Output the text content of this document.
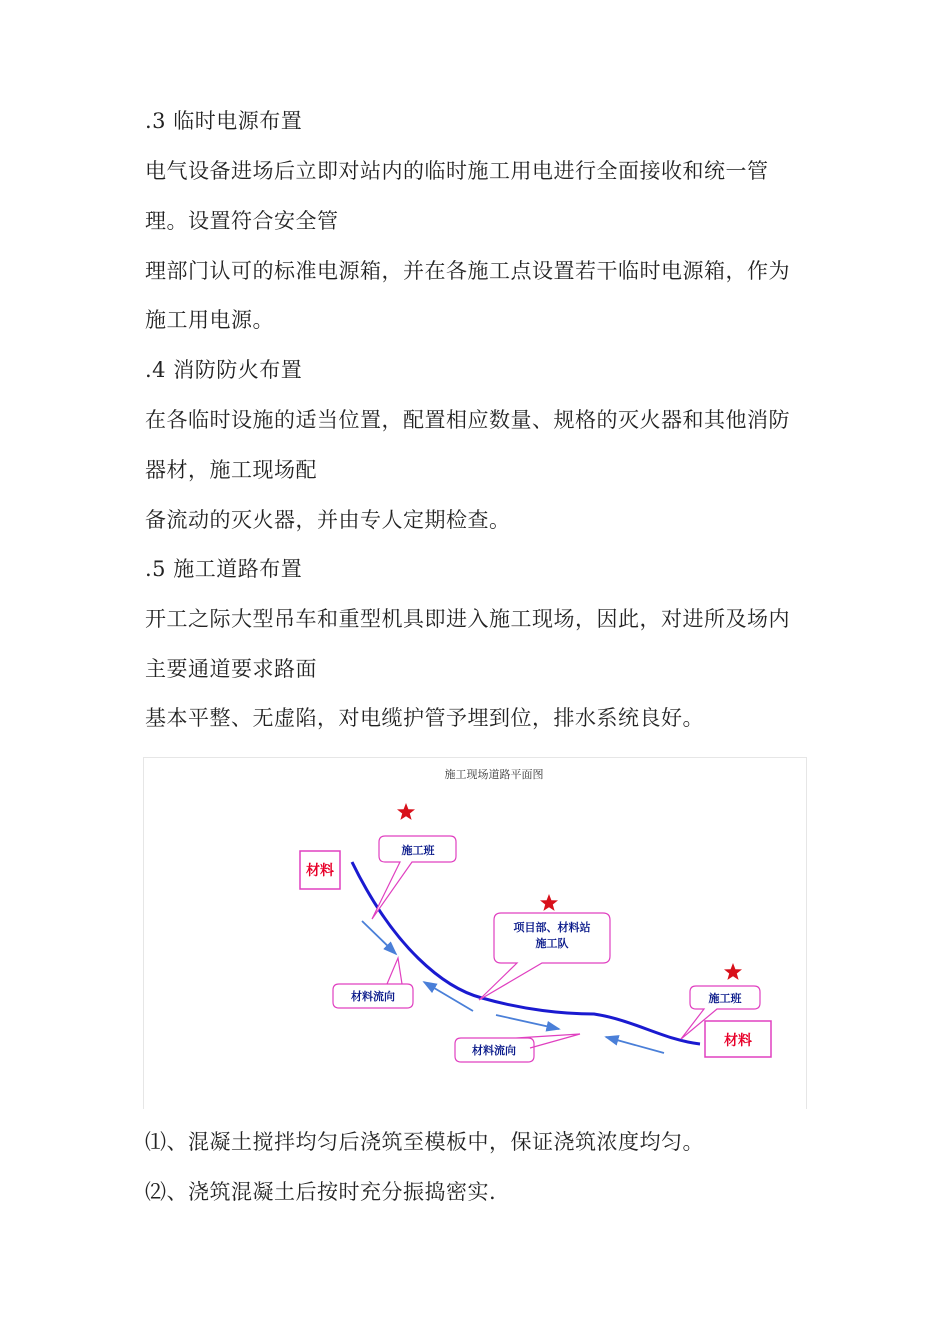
.3 临时电源布置
电气设备进场后立即对站内的临时施工用电进行全面接收和统一管
理。设置符合安全管
理部门认可的标准电源箱，并在各施工点设置若干临时电源箱，作为
施工用电源。
.4 消防防火布置
在各临时设施的适当位置，配置相应数量、规格的灭火器和其他消防
器材，施工现场配
备流动的灭火器，并由专人定期检查。
.5 施工道路布置
开工之际大型吊车和重型机具即进入施工现场，因此，对进所及场内
主要通道要求路面
基本平整、无虚陷，对电缆护管予埋到位，排水系统良好。
施工现场道路平面图
材料
材料
施工班
项目部、材料站
施工队
施工班
材料流向
材料流向
⑴、混凝土搅拌均匀后浇筑至模板中，保证浇筑浓度均匀。
⑵、浇筑混凝土后按时充分振捣密实.
